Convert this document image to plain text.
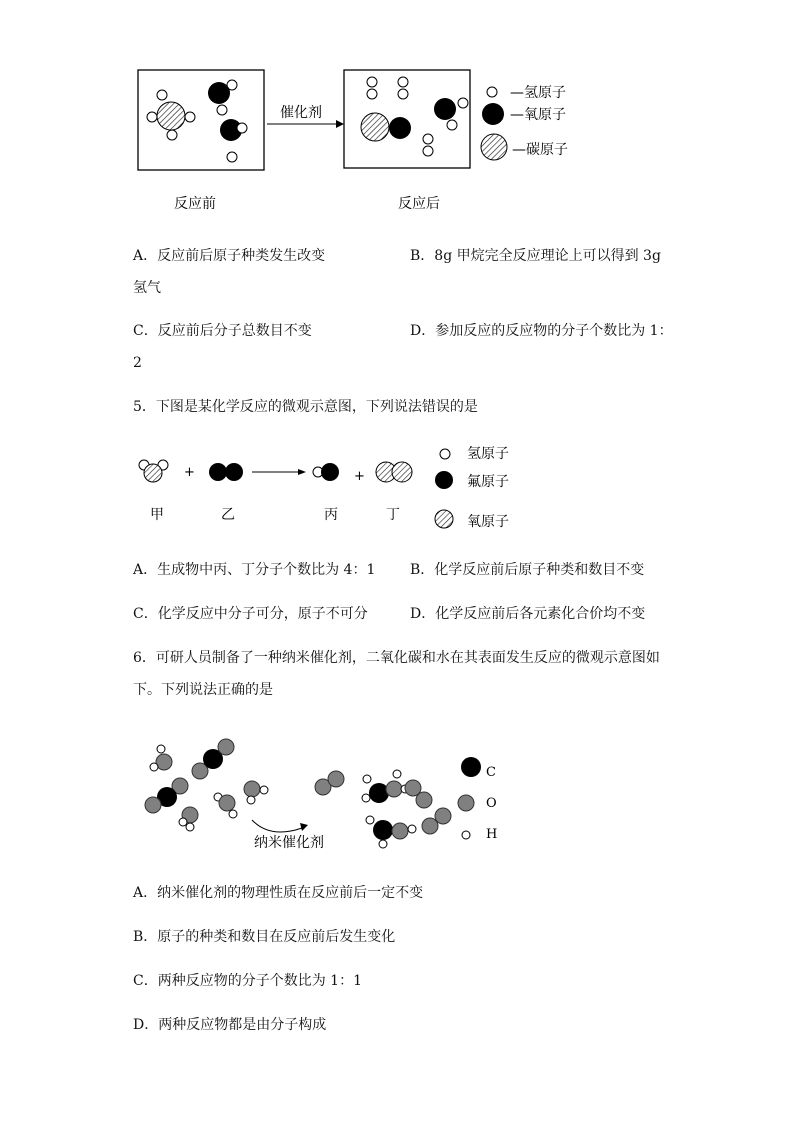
催化剂
反应前	反应后
—氢原子
—氧原子
—碳原子
A．反应前后原子种类发生改变	B．8g 甲烷完全反应理论上可以得到 3g
氢气
C．反应前后分子总数目不变	D．参加反应的反应物的分子个数比为 1：
2
5．下图是某化学反应的微观示意图，下列说法错误的是
+	+
甲	乙	丙	丁
氢原子
氟原子
氧原子
A．生成物中丙、丁分子个数比为 4：1 B．化学反应前后原子种类和数目不变
C．化学反应中分子可分，原子不可分	D．化学反应前后各元素化合价均不变
6．可研人员制备了一种纳米催化剂，二氧化碳和水在其表面发生反应的微观示意图如
下。下列说法正确的是
纳米催化剂
C
O
H
A．纳米催化剂的物理性质在反应前后一定不变
B．原子的种类和数目在反应前后发生变化
C．两种反应物的分子个数比为 1：1
D．两种反应物都是由分子构成
